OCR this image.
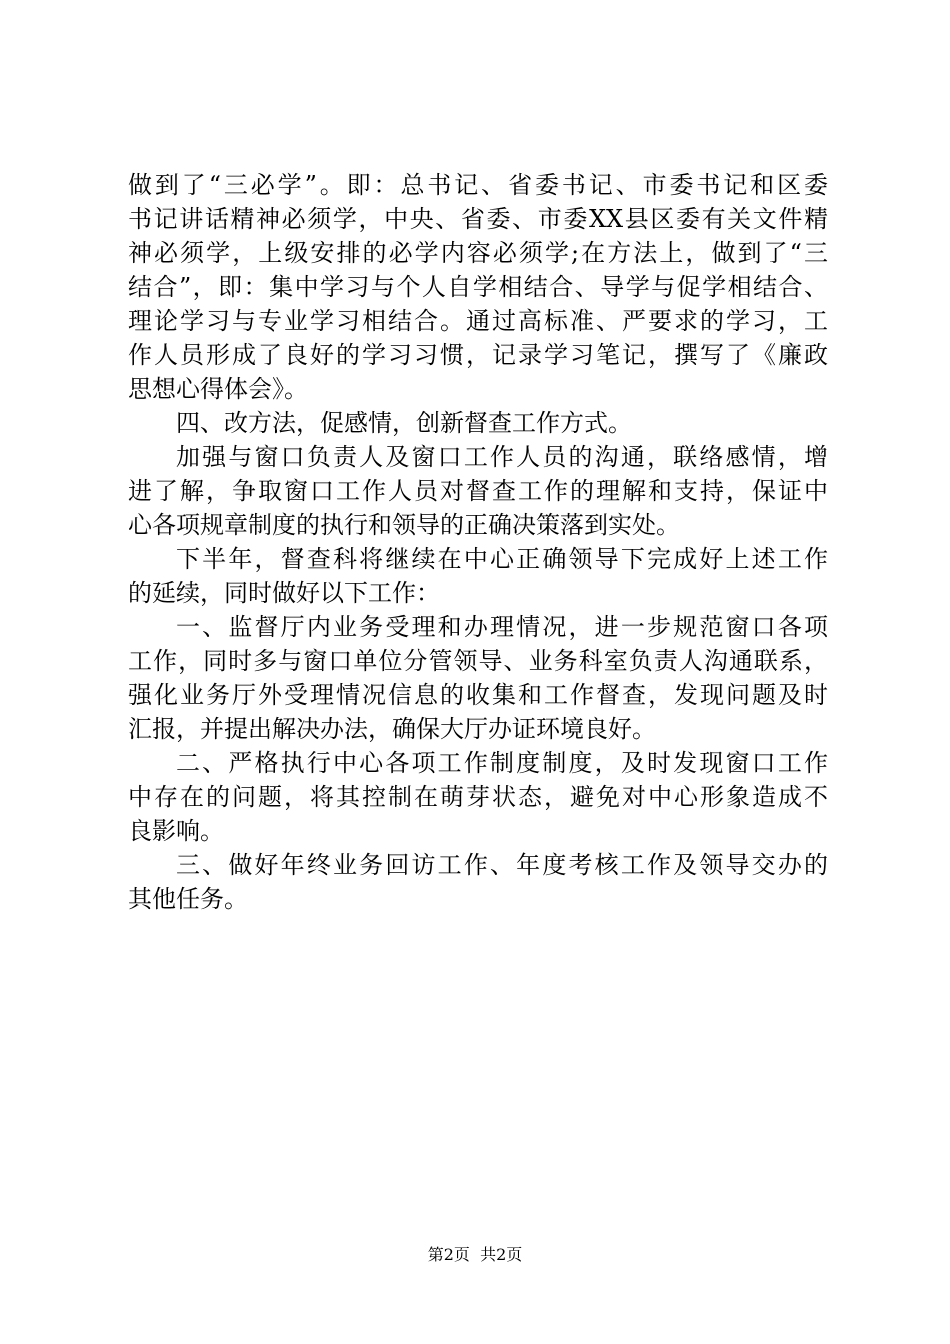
做到了“三必学”。即：总书记、省委书记、市委书记和区委
书记讲话精神必须学，中央、省委、市委XX县区委有关文件精
神必须学，上级安排的必学内容必须学;在方法上，做到了“三
结合”，即：集中学习与个人自学相结合、导学与促学相结合、
理论学习与专业学习相结合。通过高标准、严要求的学习，工
作人员形成了良好的学习习惯，记录学习笔记，撰写了《廉政
思想心得体会》。
四、改方法，促感情，创新督查工作方式。
加强与窗口负责人及窗口工作人员的沟通，联络感情，增
进了解，争取窗口工作人员对督查工作的理解和支持，保证中
心各项规章制度的执行和领导的正确决策落到实处。
下半年，督查科将继续在中心正确领导下完成好上述工作
的延续，同时做好以下工作：
一、监督厅内业务受理和办理情况，进一步规范窗口各项
工作，同时多与窗口单位分管领导、业务科室负责人沟通联系，
强化业务厅外受理情况信息的收集和工作督查，发现问题及时
汇报，并提出解决办法，确保大厅办证环境良好。
二、严格执行中心各项工作制度制度，及时发现窗口工作
中存在的问题，将其控制在萌芽状态，避免对中心形象造成不
良影响。
三、做好年终业务回访工作、年度考核工作及领导交办的
其他任务。
第2页  共2页
